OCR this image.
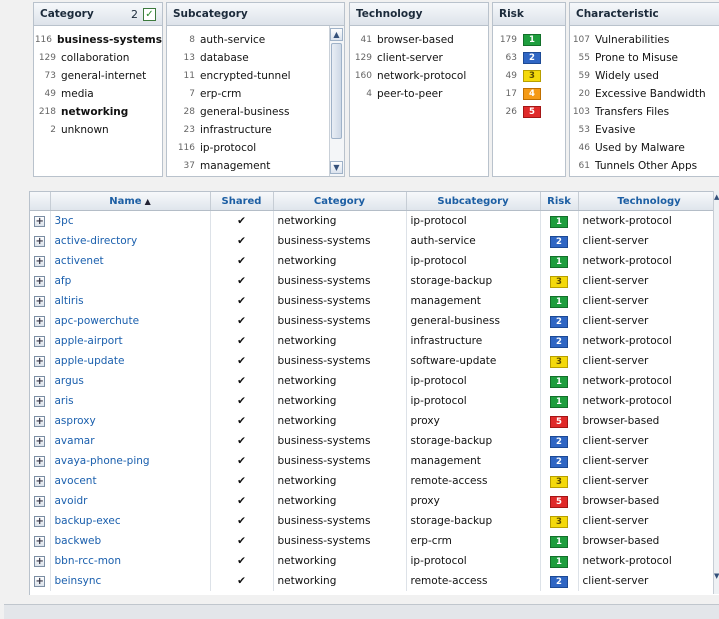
Category	2 ✓
116 business-systems
129 collaboration
73 general-internet
49 media
218 networking
2 unknown
Subcategory
8 auth-service
13 database
11 encrypted-tunnel
7 erp-crm
28 general-business
23 infrastructure
116 ip-protocol
37 management
▲
▼
Technology
41 browser-based
129 client-server
160 network-protocol
4 peer-to-peer
Risk
179	1
63	2
49	3
17	4
26	5
Characteristic
107 Vulnerabilities
55 Prone to Misuse
59 Widely used
20 Excessive Bandwidth
103 Transfers Files
53 Evasive
46 Used by Malware
61 Tunnels Other Apps
	Name ▲	Shared	Category	Subcategory	Risk	Technology
+	3pc	✔	networking	ip-protocol	1	network-protocol
+	active-directory	✔	business-systems	auth-service	2	client-server
+	activenet	✔	networking	ip-protocol	1	network-protocol
+	afp	✔	business-systems	storage-backup	3	client-server
+	altiris	✔	business-systems	management	1	client-server
+	apc-powerchute	✔	business-systems	general-business	2	client-server
+	apple-airport	✔	networking	infrastructure	2	network-protocol
+	apple-update	✔	business-systems	software-update	3	client-server
+	argus	✔	networking	ip-protocol	1	network-protocol
+	aris	✔	networking	ip-protocol	1	network-protocol
+	asproxy	✔	networking	proxy	5	browser-based
+	avamar	✔	business-systems	storage-backup	2	client-server
+	avaya-phone-ping	✔	business-systems	management	2	client-server
+	avocent	✔	networking	remote-access	3	client-server
+	avoidr	✔	networking	proxy	5	browser-based
+	backup-exec	✔	business-systems	storage-backup	3	client-server
+	backweb	✔	business-systems	erp-crm	1	browser-based
+	bbn-rcc-mon	✔	networking	ip-protocol	1	network-protocol
+	beinsync	✔	networking	remote-access	2	client-server
▲
▼
